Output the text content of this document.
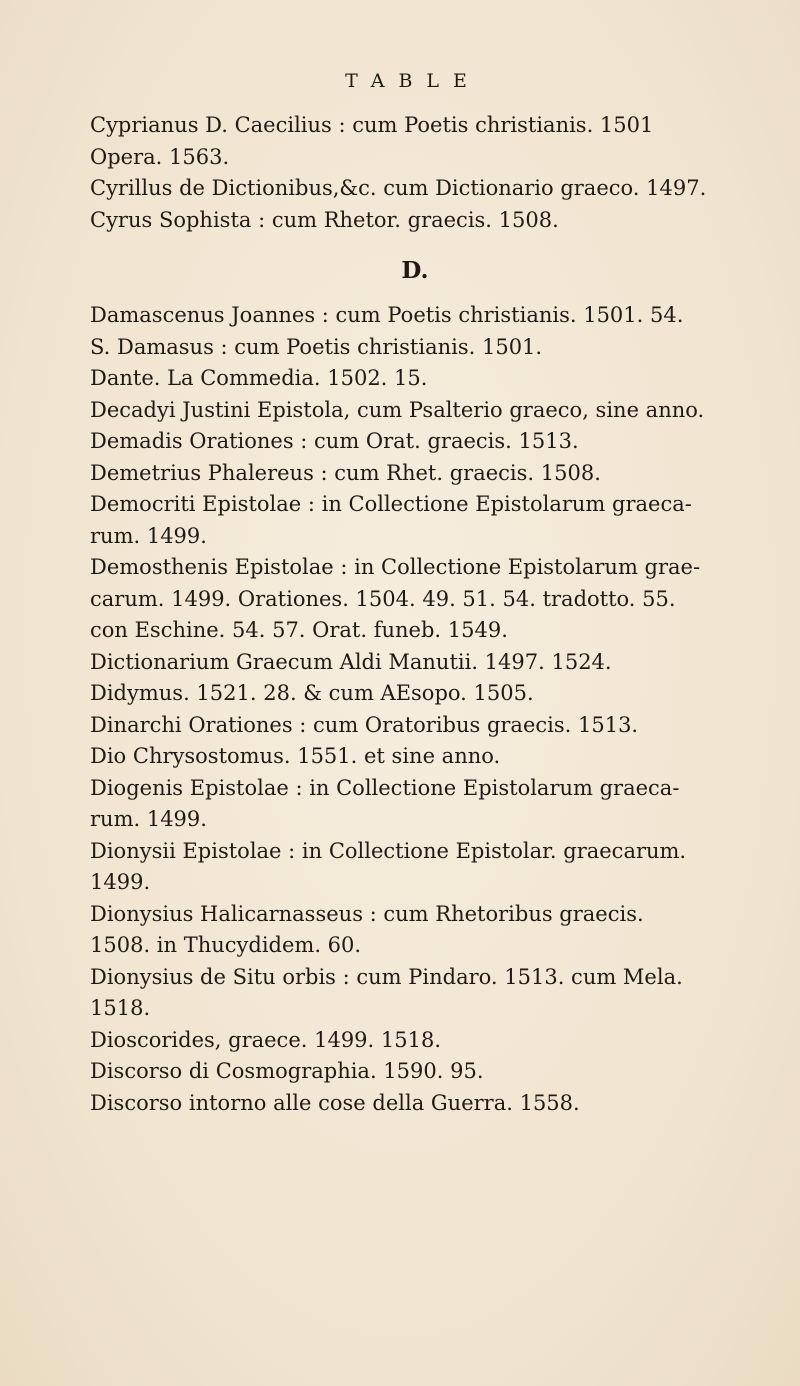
TABLE
Cyprianus D. Caecilius : cum Poetis christianis. 1501
Opera. 1563.
Cyrillus de Dictionibus,&c. cum Dictionario graeco. 1497.
Cyrus Sophista : cum Rhetor. graecis. 1508.
D.
Damascenus Joannes : cum Poetis christianis. 1501. 54.
S. Damasus : cum Poetis christianis. 1501.
Dante. La Commedia. 1502. 15.
Decadyi Justini Epistola, cum Psalterio graeco, sine anno.
Demadis Orationes : cum Orat. graecis. 1513.
Demetrius Phalereus : cum Rhet. graecis. 1508.
Democriti Epistolae : in Collectione Epistolarum graeca-
rum. 1499.
Demosthenis Epistolae : in Collectione Epistolarum grae-
carum. 1499. Orationes. 1504. 49. 51. 54. tradotto. 55.
con Eschine. 54. 57. Orat. funeb. 1549.
Dictionarium Graecum Aldi Manutii. 1497. 1524.
Didymus. 1521. 28. & cum AEsopo. 1505.
Dinarchi Orationes : cum Oratoribus graecis. 1513.
Dio Chrysostomus. 1551. et sine anno.
Diogenis Epistolae : in Collectione Epistolarum graeca-
rum. 1499.
Dionysii Epistolae : in Collectione Epistolar. graecarum.
1499.
Dionysius Halicarnasseus : cum Rhetoribus graecis.
1508. in Thucydidem. 60.
Dionysius de Situ orbis : cum Pindaro. 1513. cum Mela.
1518.
Dioscorides, graece. 1499. 1518.
Discorso di Cosmographia. 1590. 95.
Discorso intorno alle cose della Guerra. 1558.
